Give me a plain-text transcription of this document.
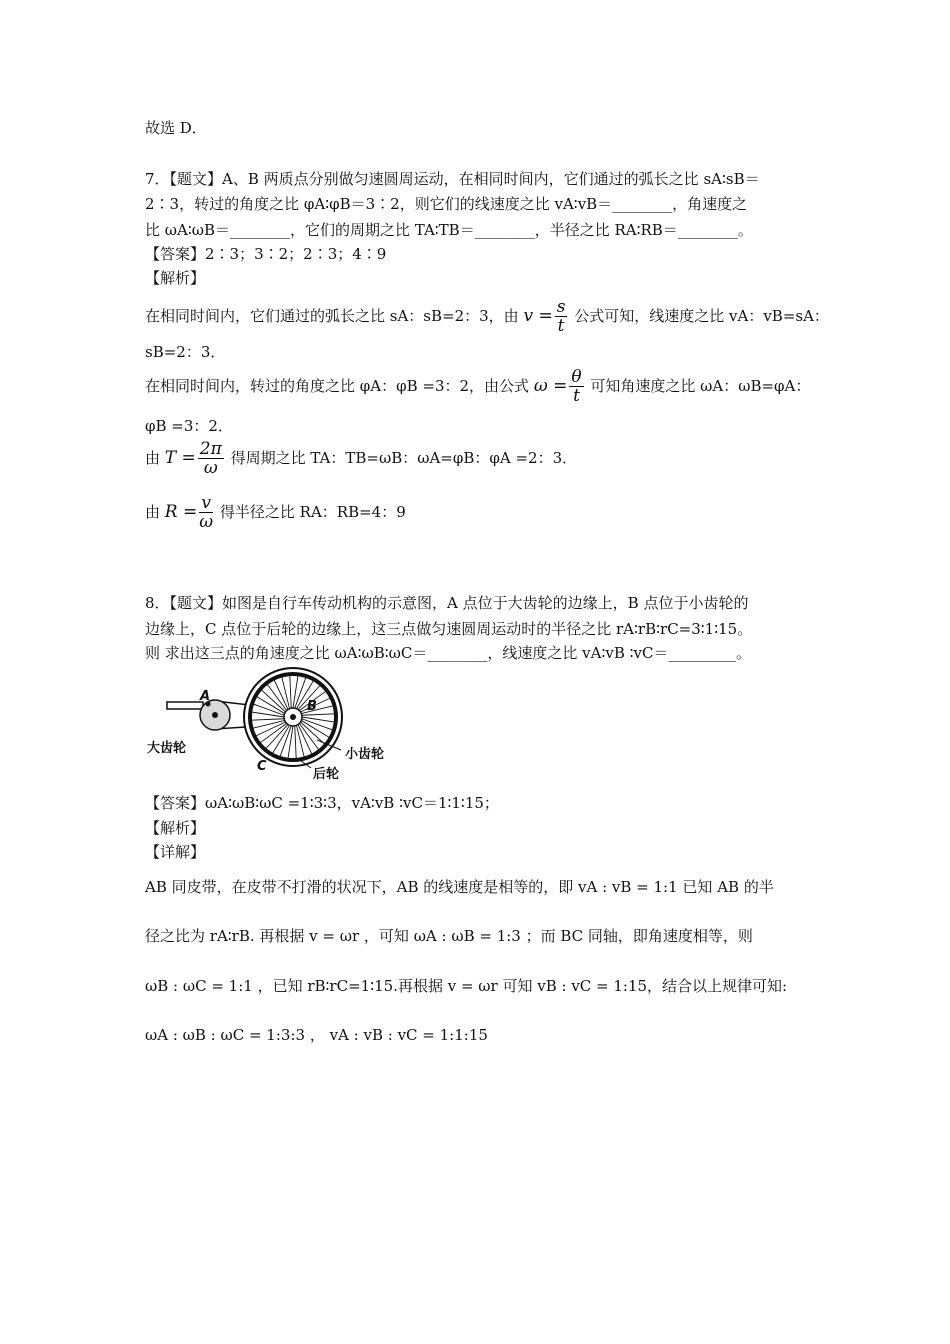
故选 D．
7．【题文】A、B 两质点分别做匀速圆周运动，在相同时间内，它们通过的弧长之比 sA∶sB＝
2∶3，转过的角度之比 φA∶φB＝3∶2，则它们的线速度之比 vA∶vB＝________，角速度之
比 ωA∶ωB＝________，它们的周期之比 TA∶TB＝________，半径之比 RA∶RB＝________。
【答案】2∶3；3∶2；2∶3；4∶9
【解析】
在相同时间内，它们通过的弧长之比 sA：sB=2：3，由 $v = \frac{s}{t}$ 公式可知，线速度之比 vA：vB=sA：
sB=2：3．
在相同时间内，转过的角度之比 φA：φB =3：2，由公式 $\omega = \frac{\theta}{t}$ 可知角速度之比 ωA：ωB=φA：
φB =3：2．
由 $T = \frac{2\pi}{\omega}$ 得周期之比 TA：TB=ωB：ωA=φB：φA =2：3．
由 $R = \frac{v}{\omega}$ 得半径之比 RA：RB=4：9
8．【题文】如图是自行车传动机构的示意图，A 点位于大齿轮的边缘上，B 点位于小齿轮的
边缘上，C 点位于后轮的边缘上，这三点做匀速圆周运动时的半径之比 rA∶rB∶rC=3∶1∶15。
则 求出这三点的角速度之比 ωA∶ωB∶ωC＝________，线速度之比 vA∶vB ∶vC＝_________。
A
B
C
大齿轮	小齿轮
后轮
【答案】ωA∶ωB∶ωC =1∶3∶3，vA∶vB ∶vC＝1∶1∶15；
【解析】
【详解】
AB 同皮带，在皮带不打滑的状况下，AB 的线速度是相等的，即 vA : vB = 1:1 已知 AB 的半
径之比为 rA∶rB. 再根据 v = ωr ，可知 ωA : ωB = 1:3 ；而 BC 同轴，即角速度相等，则
ωB : ωC = 1:1 ，已知 rB∶rC=1∶15.再根据 v = ωr 可知 vB : vC = 1:15，结合以上规律可知:
ωA : ωB : ωC = 1:3:3 ， vA : vB : vC = 1:1:15
